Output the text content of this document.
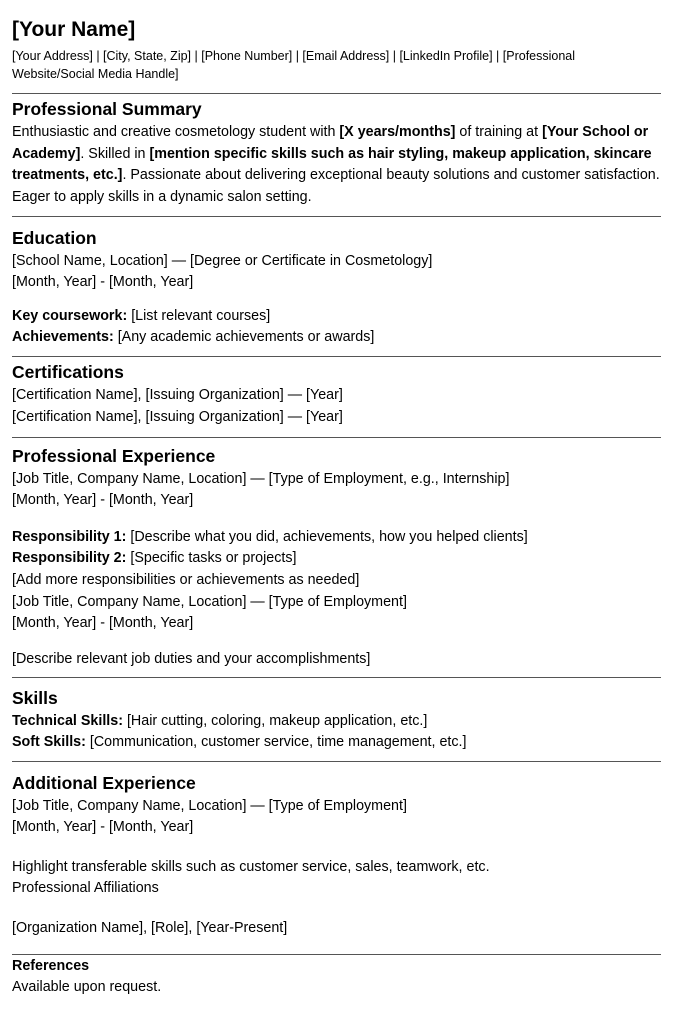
[Your Name]

[Your Address] | [City, State, Zip] | [Phone Number] | [Email Address] | [LinkedIn Profile] | [Professional Website/Social Media Handle]

Professional Summary

Enthusiastic and creative cosmetology student with [X years/months] of training at [Your School or Academy]. Skilled in [mention specific skills such as hair styling, makeup application, skincare treatments, etc.]. Passionate about delivering exceptional beauty solutions and customer satisfaction. Eager to apply skills in a dynamic salon setting.

Education

[School Name, Location] — [Degree or Certificate in Cosmetology]

[Month, Year] - [Month, Year]

Key coursework: [List relevant courses]

Achievements: [Any academic achievements or awards]

Certifications

[Certification Name], [Issuing Organization] — [Year]

[Certification Name], [Issuing Organization] — [Year]

Professional Experience

[Job Title, Company Name, Location] — [Type of Employment, e.g., Internship]

[Month, Year] - [Month, Year]

Responsibility 1: [Describe what you did, achievements, how you helped clients]

Responsibility 2: [Specific tasks or projects]

[Add more responsibilities or achievements as needed]

[Job Title, Company Name, Location] — [Type of Employment]

[Month, Year] - [Month, Year]

[Describe relevant job duties and your accomplishments]

Skills

Technical Skills: [Hair cutting, coloring, makeup application, etc.]

Soft Skills: [Communication, customer service, time management, etc.]

Additional Experience

[Job Title, Company Name, Location] — [Type of Employment]

[Month, Year] - [Month, Year]

Highlight transferable skills such as customer service, sales, teamwork, etc.

Professional Affiliations

[Organization Name], [Role], [Year-Present]

References

Available upon request.
